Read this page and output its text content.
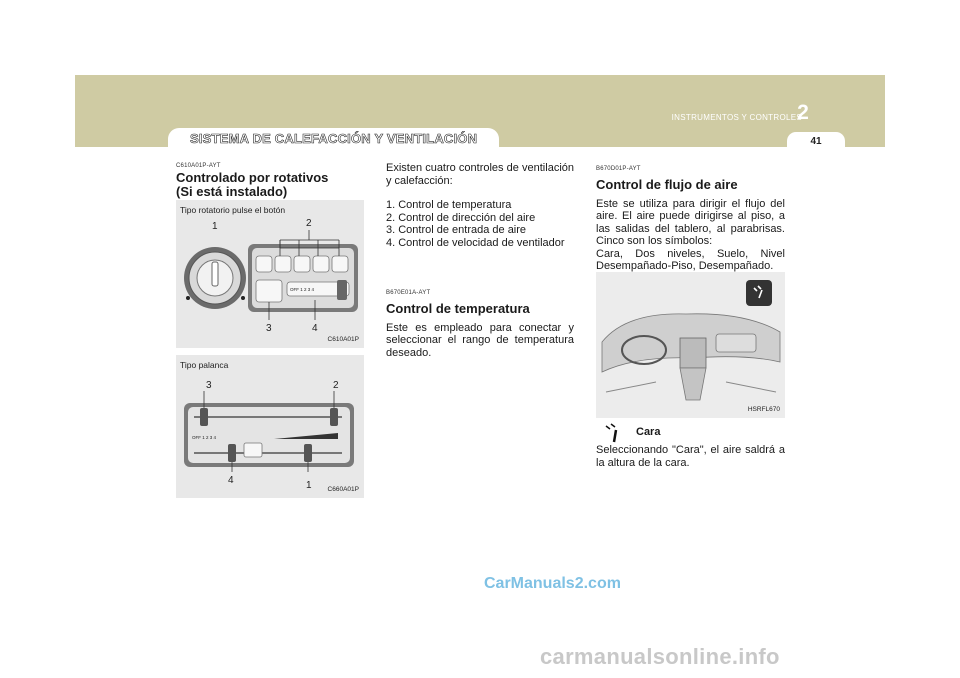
SISTEMA DE CALEFACCIÓN Y VENTILACIÓN
INSTRUMENTOS Y CONTROLES
2
41
C610A01P-AYT
Controlado por rotativos
(Si está instalado)
Tipo rotatorio pulse el botón
C610A01P
OFF 1 2 3 4
1	2
3	4
Tipo palanca
C660A01P
OFF 1 2 3 4
3	2
4	1

Existen cuatro controles de ventilación y calefacción:

1. Control de temperatura

2. Control de dirección del aire

3. Control de entrada de aire

4. Control de velocidad de ventilador

B670E01A-AYT
Control de temperatura

Este es empleado para conectar y seleccionar el rango de temperatura deseado.

B670D01P-AYT
Control de flujo de aire

Este se utiliza para dirigir el flujo del aire. El aire puede dirigirse al piso, a las salidas del tablero, al parabrisas. Cinco son los símbolos:

Cara, Dos niveles, Suelo, Nivel Desempañado-Piso, Desempañado.

HSRFL670
Cara

Seleccionando "Cara", el aire saldrá a la altura de la cara.

CarManuals2.com
carmanualsonline.info
